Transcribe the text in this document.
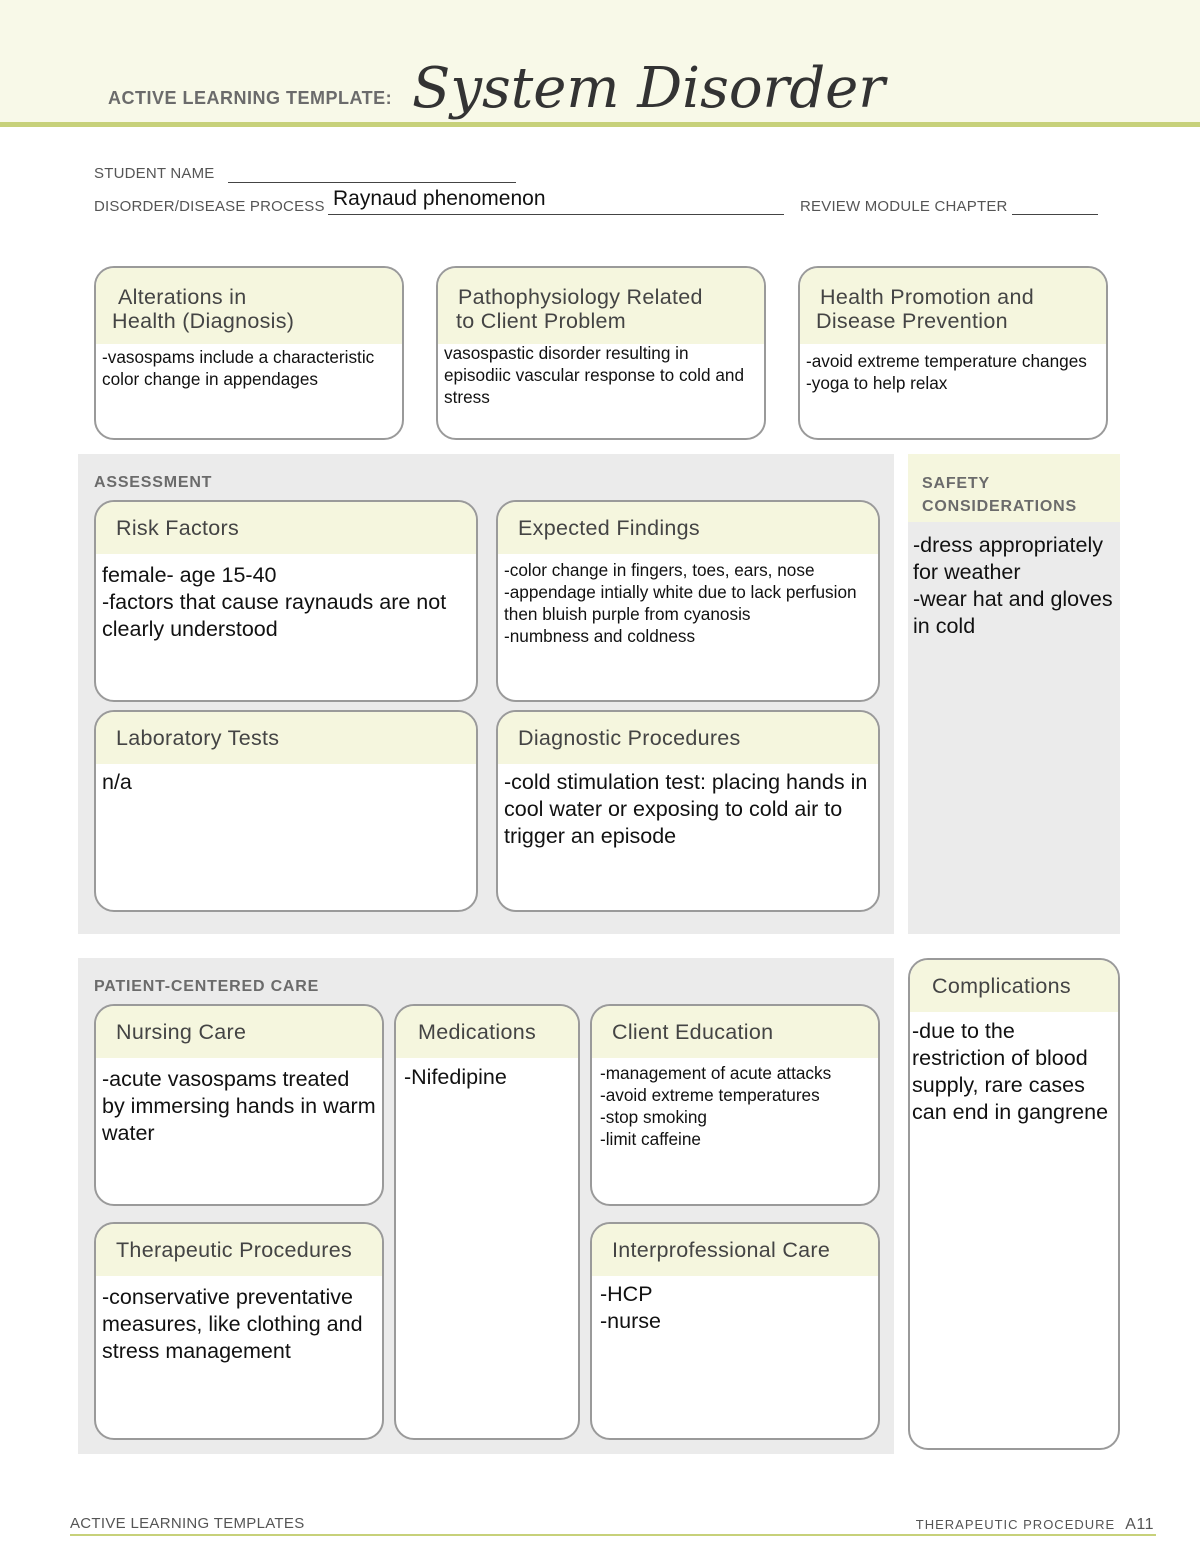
ACTIVE LEARNING TEMPLATE: System Disorder
STUDENT NAME
DISORDER/DISEASE PROCESS Raynaud phenomenon	REVIEW MODULE CHAPTER
Alterations in
Health (Diagnosis)
-vasospams include a characteristic color change in appendages
Pathophysiology Related
to Client Problem
vasospastic disorder resulting in episodiic vascular response to cold and stress
Health Promotion and
Disease Prevention
-avoid extreme temperature changes
-yoga to help relax
ASSESSMENT
Risk Factors
female- age 15-40
-factors that cause raynauds are not clearly understood
Expected Findings
-color change in fingers, toes, ears, nose
-appendage intially white due to lack perfusion then bluish purple from cyanosis
-numbness and coldness
Laboratory Tests
n/a
Diagnostic Procedures
-cold stimulation test: placing hands in cool water or exposing to cold air to trigger an episode
SAFETY
CONSIDERATIONS
-dress appropriately for weather
-wear hat and gloves in cold
PATIENT-CENTERED CARE
Nursing Care
-acute vasospams treated by immersing hands in warm water
Medications
-Nifedipine
Client Education
-management of acute attacks
-avoid extreme temperatures
-stop smoking
-limit caffeine
Therapeutic Procedures
-conservative preventative measures, like clothing and stress management
Interprofessional Care
-HCP
-nurse
Complications
-due to the restriction of blood supply, rare cases can end in gangrene
ACTIVE LEARNING TEMPLATES	THERAPEUTIC PROCEDURE A11
